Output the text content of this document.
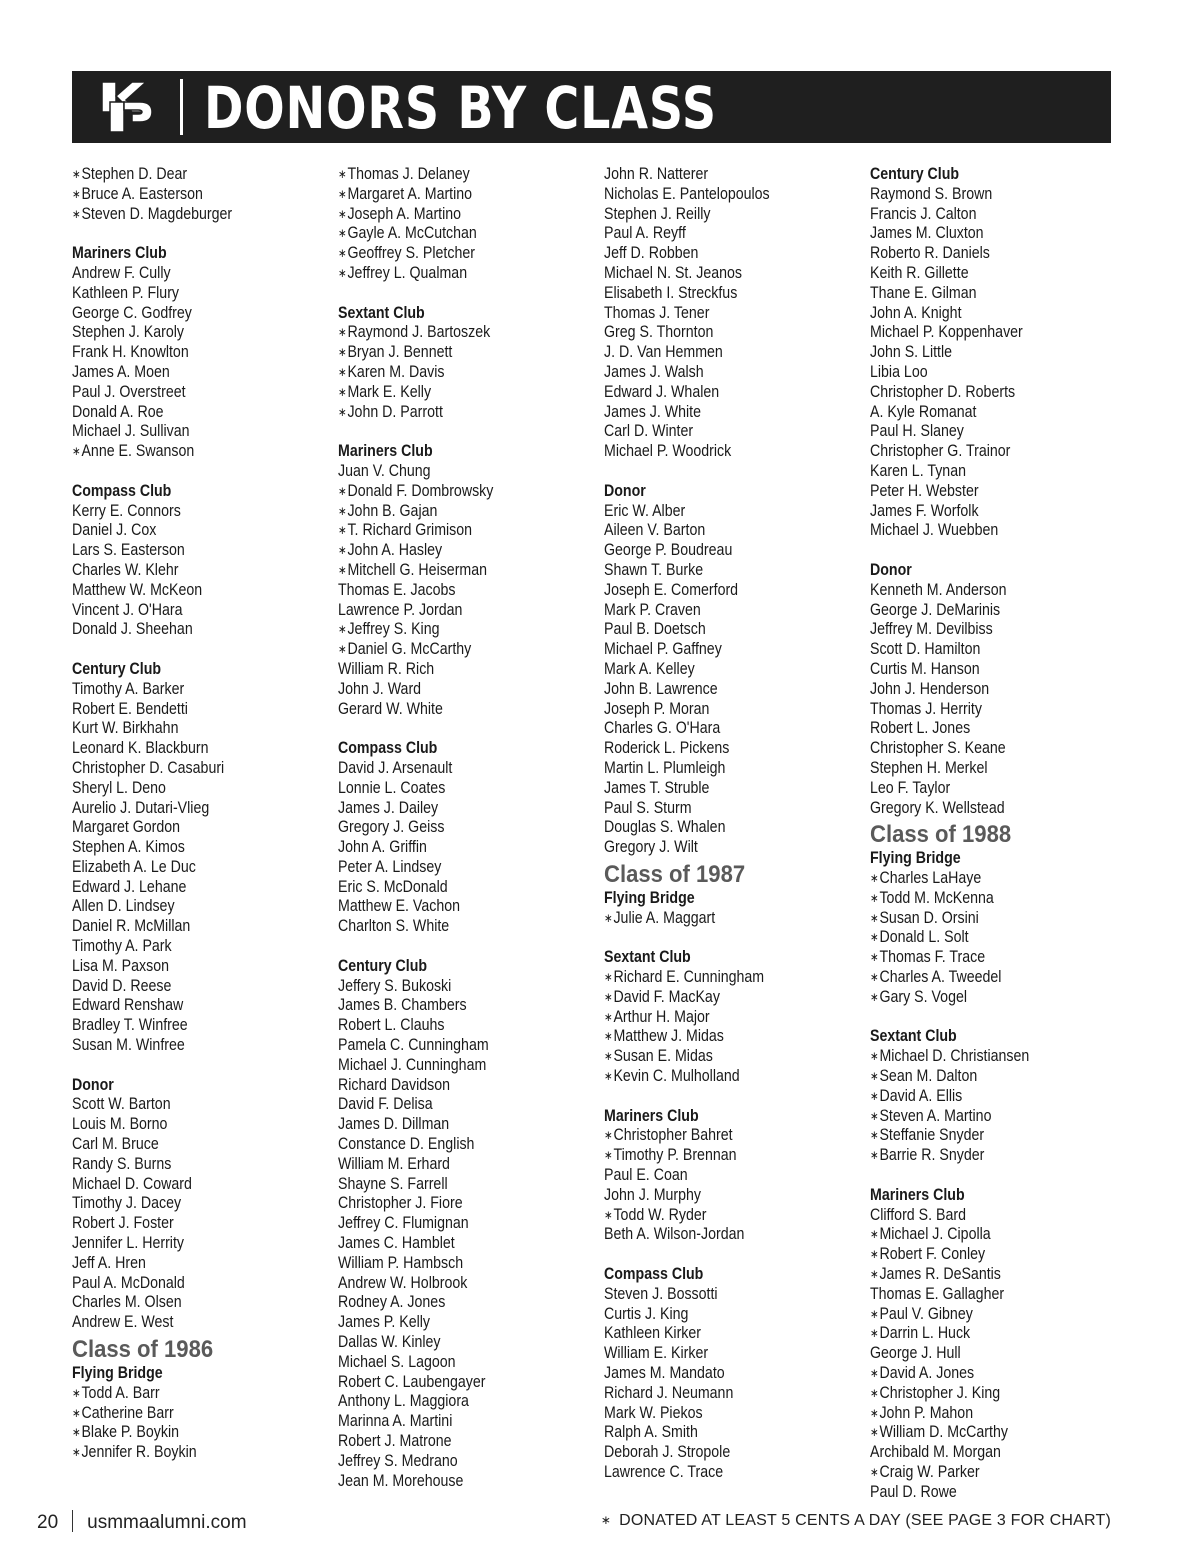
KP DONORS BY CLASS
∗ Stephen D. Dear
∗ Bruce A. Easterson
∗ Steven D. Magdeburger
Mariners Club
Andrew F. Cully
Kathleen P. Flury
George C. Godfrey
Stephen J. Karoly
Frank H. Knowlton
James A. Moen
Paul J. Overstreet
Donald A. Roe
Michael J. Sullivan
∗ Anne E. Swanson
Compass Club
Kerry E. Connors
Daniel J. Cox
Lars S. Easterson
Charles W. Klehr
Matthew W. McKeon
Vincent J. O'Hara
Donald J. Sheehan
Century Club
Timothy A. Barker
Robert E. Bendetti
Kurt W. Birkhahn
Leonard K. Blackburn
Christopher D. Casaburi
Sheryl L. Deno
Aurelio J. Dutari-Vlieg
Margaret Gordon
Stephen A. Kimos
Elizabeth A. Le Duc
Edward J. Lehane
Allen D. Lindsey
Daniel R. McMillan
Timothy A. Park
Lisa M. Paxson
David D. Reese
Edward Renshaw
Bradley T. Winfree
Susan M. Winfree
Donor
Scott W. Barton
Louis M. Borno
Carl M. Bruce
Randy S. Burns
Michael D. Coward
Timothy J. Dacey
Robert J. Foster
Jennifer L. Herrity
Jeff A. Hren
Paul A. McDonald
Charles M. Olsen
Andrew E. West
Class of 1986
Flying Bridge
∗ Todd A. Barr
∗ Catherine Barr
∗ Blake P. Boykin
∗ Jennifer R. Boykin
∗ Thomas J. Delaney
∗ Margaret A. Martino
∗ Joseph A. Martino
∗ Gayle A. McCutchan
∗ Geoffrey S. Pletcher
∗ Jeffrey L. Qualman
Sextant Club
∗ Raymond J. Bartoszek
∗ Bryan J. Bennett
∗ Karen M. Davis
∗ Mark E. Kelly
∗ John D. Parrott
Mariners Club
Juan V. Chung
∗ Donald F. Dombrowsky
∗ John B. Gajan
∗ T. Richard Grimison
∗ John A. Hasley
∗ Mitchell G. Heiserman
Thomas E. Jacobs
Lawrence P. Jordan
∗ Jeffrey S. King
∗ Daniel G. McCarthy
William R. Rich
John J. Ward
Gerard W. White
Compass Club
David J. Arsenault
Lonnie L. Coates
James J. Dailey
Gregory J. Geiss
John A. Griffin
Peter A. Lindsey
Eric S. McDonald
Matthew E. Vachon
Charlton S. White
Century Club
Jeffery S. Bukoski
James B. Chambers
Robert L. Clauhs
Pamela C. Cunningham
Michael J. Cunningham
Richard Davidson
David F. Delisa
James D. Dillman
Constance D. English
William M. Erhard
Shayne S. Farrell
Christopher J. Fiore
Jeffrey C. Flumignan
James C. Hamblet
William P. Hambsch
Andrew W. Holbrook
Rodney A. Jones
James P. Kelly
Dallas W. Kinley
Michael S. Lagoon
Robert C. Laubengayer
Anthony L. Maggiora
Marinna A. Martini
Robert J. Matrone
Jeffrey S. Medrano
Jean M. Morehouse
John R. Natterer
Nicholas E. Pantelopoulos
Stephen J. Reilly
Paul A. Reyff
Jeff D. Robben
Michael N. St. Jeanos
Elisabeth I. Streckfus
Thomas J. Tener
Greg S. Thornton
J. D. Van Hemmen
James J. Walsh
Edward J. Whalen
James J. White
Carl D. Winter
Michael P. Woodrick
Donor
Eric W. Alber
Aileen V. Barton
George P. Boudreau
Shawn T. Burke
Joseph E. Comerford
Mark P. Craven
Paul B. Doetsch
Michael P. Gaffney
Mark A. Kelley
John B. Lawrence
Joseph P. Moran
Charles G. O'Hara
Roderick L. Pickens
Martin L. Plumleigh
James T. Struble
Paul S. Sturm
Douglas S. Whalen
Gregory J. Wilt
Class of 1987
Flying Bridge
∗ Julie A. Maggart
Sextant Club
∗ Richard E. Cunningham
∗ David F. MacKay
∗ Arthur H. Major
∗ Matthew J. Midas
∗ Susan E. Midas
∗ Kevin C. Mulholland
Mariners Club
∗ Christopher Bahret
∗ Timothy P. Brennan
Paul E. Coan
John J. Murphy
∗ Todd W. Ryder
Beth A. Wilson-Jordan
Compass Club
Steven J. Bossotti
Curtis J. King
Kathleen Kirker
William E. Kirker
James M. Mandato
Richard J. Neumann
Mark W. Piekos
Ralph A. Smith
Deborah J. Stropole
Lawrence C. Trace
Century Club
Raymond S. Brown
Francis J. Calton
James M. Cluxton
Roberto R. Daniels
Keith R. Gillette
Thane E. Gilman
John A. Knight
Michael P. Koppenhaver
John S. Little
Libia Loo
Christopher D. Roberts
A. Kyle Romanat
Paul H. Slaney
Christopher G. Trainor
Karen L. Tynan
Peter H. Webster
James F. Worfolk
Michael J. Wuebben
Donor
Kenneth M. Anderson
George J. DeMarinis
Jeffrey M. Devilbiss
Scott D. Hamilton
Curtis M. Hanson
John J. Henderson
Thomas J. Herrity
Robert L. Jones
Christopher S. Keane
Stephen H. Merkel
Leo F. Taylor
Gregory K. Wellstead
Class of 1988
Flying Bridge
∗ Charles LaHaye
∗ Todd M. McKenna
∗ Susan D. Orsini
∗ Donald L. Solt
∗ Thomas F. Trace
∗ Charles A. Tweedel
∗ Gary S. Vogel
Sextant Club
∗ Michael D. Christiansen
∗ Sean M. Dalton
∗ David A. Ellis
∗ Steven A. Martino
∗ Steffanie Snyder
∗ Barrie R. Snyder
Mariners Club
Clifford S. Bard
∗ Michael J. Cipolla
∗ Robert F. Conley
∗ James R. DeSantis
Thomas E. Gallagher
∗ Paul V. Gibney
∗ Darrin L. Huck
George J. Hull
∗ David A. Jones
∗ Christopher J. King
∗ John P. Mahon
∗ William D. McCarthy
Archibald M. Morgan
∗ Craig W. Parker
Paul D. Rowe
20 usmmaalumni.com	∗ DONATED AT LEAST 5 CENTS A DAY (SEE PAGE 3 FOR CHART)
